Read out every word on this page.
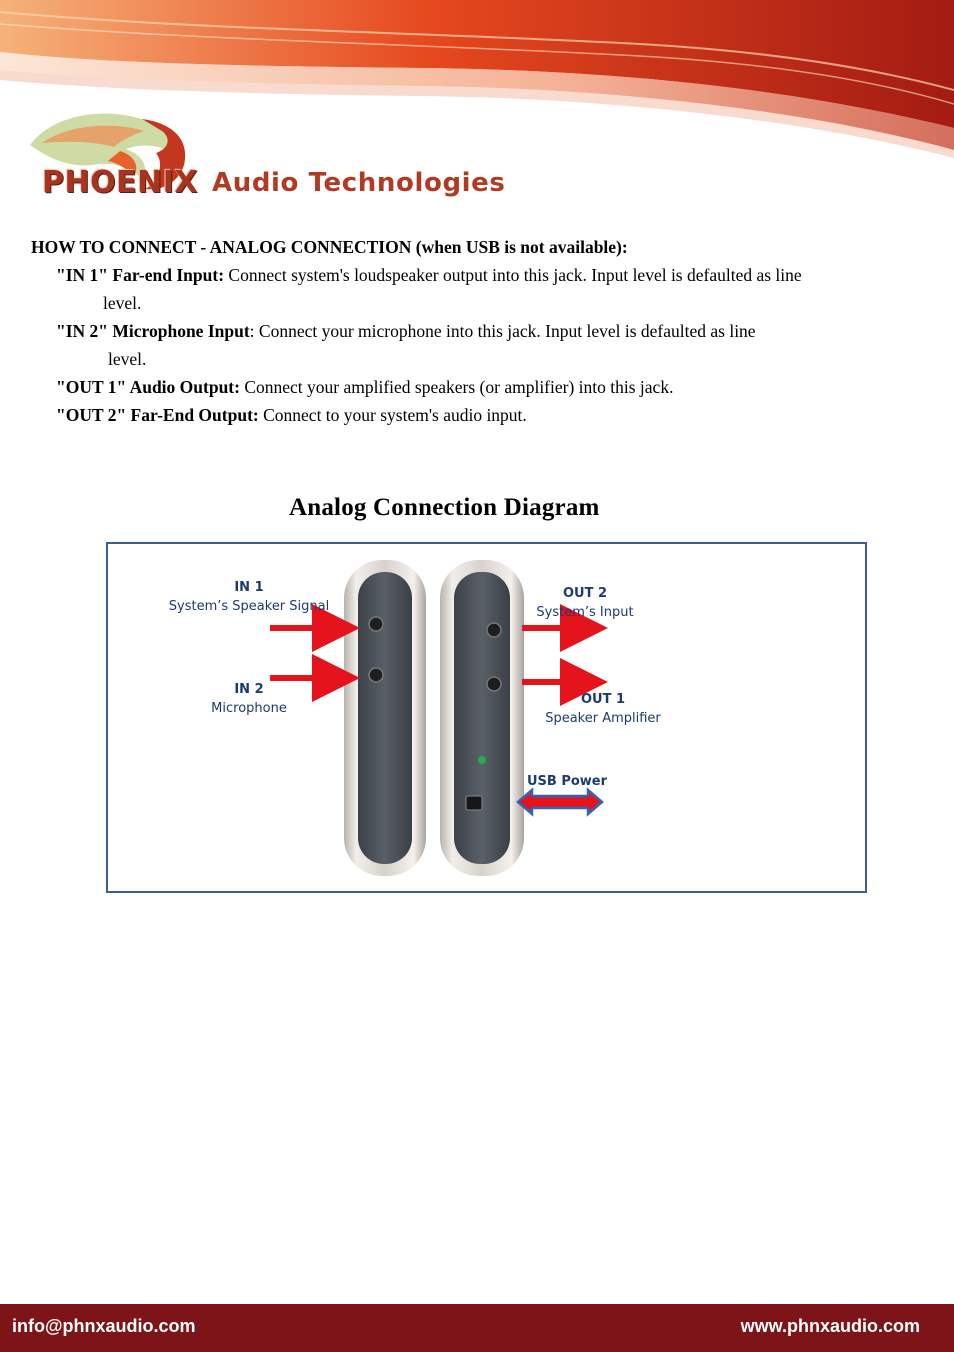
PHOENIX Audio Technologies
HOW TO CONNECT - ANALOG CONNECTION (when USB is not available):
"IN 1" Far-end Input: Connect system's loudspeaker output into this jack. Input level is defaulted as line
level.
"IN 2" Microphone Input: Connect your microphone into this jack. Input level is defaulted as line
level.
"OUT 1" Audio Output: Connect your amplified speakers (or amplifier) into this jack.
"OUT 2" Far-End Output: Connect to your system's audio input.
Analog Connection Diagram
IN 1
System’s Speaker Signal
IN 2
Microphone
OUT 2
System’s Input
OUT 1
Speaker Amplifier
USB Power
info@phnxaudio.com	www.phnxaudio.com
